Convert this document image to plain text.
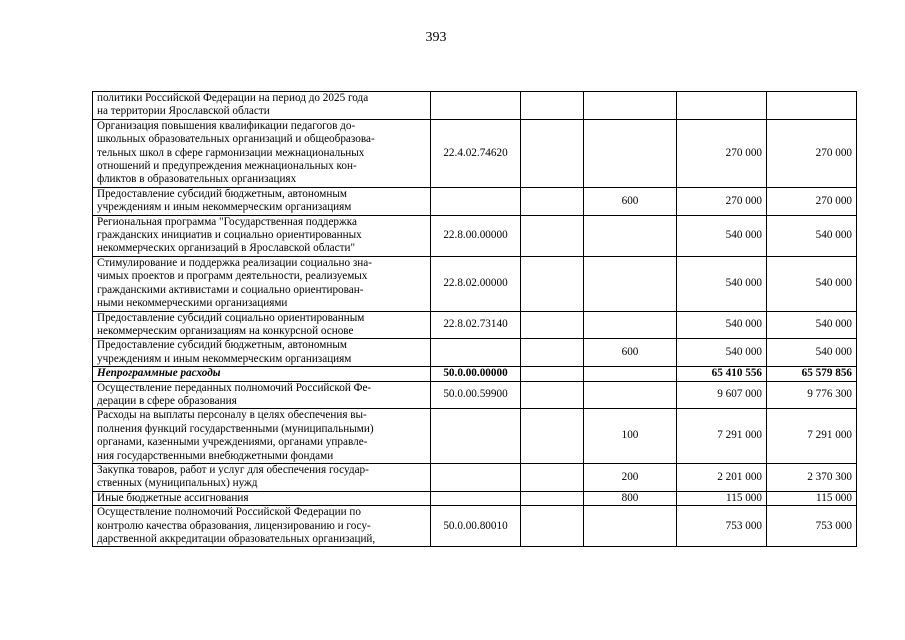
393
политики Российской Федерации на период до 2025 года
на территории Ярославской области					

Организация повышения квалификации педагогов до-
школьных образовательных организаций и общеобразова-
тельных школ в сфере гармонизации межнациональных
отношений и предупреждения межнациональных кон-
фликтов в образовательных организациях	22.4.02.74620			270 000	270 000

Предоставление субсидий бюджетным, автономным
учреждениям и иным некоммерческим организациям			600	270 000	270 000

Региональная программа "Государственная поддержка
гражданских инициатив и социально ориентированных
некоммерческих организаций в Ярославской области"	22.8.00.00000			540 000	540 000

Стимулирование и поддержка реализации социально зна-
чимых проектов и программ деятельности, реализуемых
гражданскими активистами и социально ориентирован-
ными некоммерческими организациями	22.8.02.00000			540 000	540 000

Предоставление субсидий социально ориентированным
некоммерческим организациям на конкурсной основе	22.8.02.73140			540 000	540 000

Предоставление субсидий бюджетным, автономным
учреждениям и иным некоммерческим организациям			600	540 000	540 000

Непрограммные расходы	50.0.00.00000			65 410 556	65 579 856

Осуществление переданных полномочий Российской Фе-
дерации в сфере образования	50.0.00.59900			9 607 000	9 776 300

Расходы на выплаты персоналу в целях обеспечения вы-
полнения функций государственными (муниципальными)
органами, казенными учреждениями, органами управле-
ния государственными внебюджетными фондами			100	7 291 000	7 291 000

Закупка товаров, работ и услуг для обеспечения государ-
ственных (муниципальных) нужд			200	2 201 000	2 370 300

Иные бюджетные ассигнования			800	115 000	115 000

Осуществление полномочий Российской Федерации по
контролю качества образования, лицензированию и госу-
дарственной аккредитации образовательных организаций,	50.0.00.80010			753 000	753 000
